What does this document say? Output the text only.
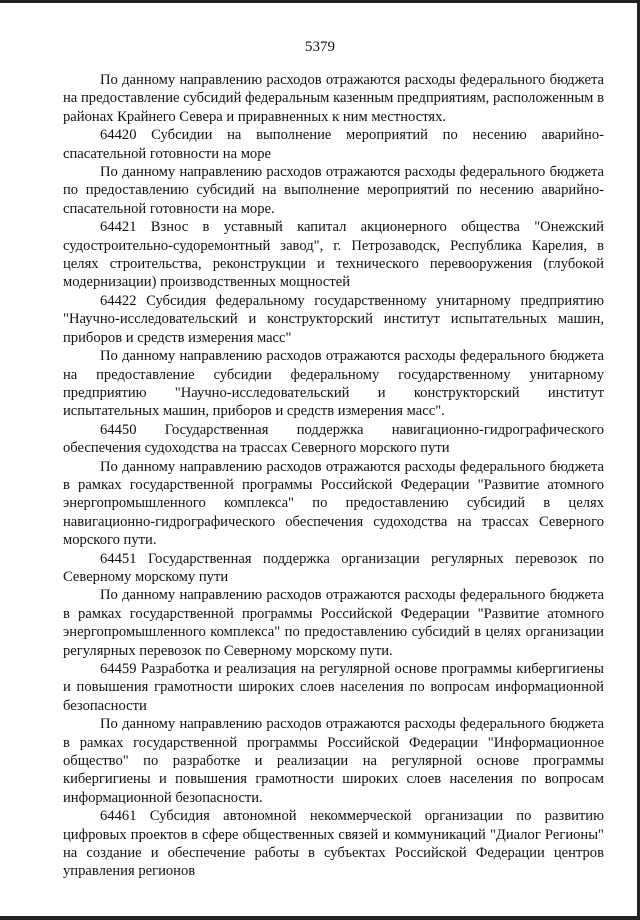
5379

По данному направлению расходов отражаются расходы федерального бюджета на предоставление субсидий федеральным казенным предприятиям, расположенным в районах Крайнего Севера и приравненных к ним местностях.

64420 Субсидии на выполнение мероприятий по несению аварийно-спасательной готовности на море

По данному направлению расходов отражаются расходы федерального бюджета по предоставлению субсидий на выполнение мероприятий по несению аварийно-спасательной готовности на море.

64421 Взнос в уставный капитал акционерного общества "Онежский судостроительно-судоремонтный завод", г. Петрозаводск, Республика Карелия, в целях строительства, реконструкции и технического перевооружения (глубокой модернизации) производственных мощностей

64422 Субсидия федеральному государственному унитарному предприятию "Научно-исследовательский и конструкторский институт испытательных машин, приборов и средств измерения масс"

По данному направлению расходов отражаются расходы федерального бюджета на предоставление субсидии федеральному государственному унитарному предприятию "Научно-исследовательский и конструкторский институт испытательных машин, приборов и средств измерения масс".

64450 Государственная поддержка навигационно-гидрографического обеспечения судоходства на трассах Северного морского пути

По данному направлению расходов отражаются расходы федерального бюджета в рамках государственной программы Российской Федерации "Развитие атомного энергопромышленного комплекса" по предоставлению субсидий в целях навигационно-гидрографического обеспечения судоходства на трассах Северного морского пути.

64451 Государственная поддержка организации регулярных перевозок по Северному морскому пути

По данному направлению расходов отражаются расходы федерального бюджета в рамках государственной программы Российской Федерации "Развитие атомного энергопромышленного комплекса" по предоставлению субсидий в целях организации регулярных перевозок по Северному морскому пути.

64459 Разработка и реализация на регулярной основе программы кибергигиены и повышения грамотности широких слоев населения по вопросам информационной безопасности

По данному направлению расходов отражаются расходы федерального бюджета в рамках государственной программы Российской Федерации "Информационное общество" по разработке и реализации на регулярной основе программы кибергигиены и повышения грамотности широких слоев населения по вопросам информационной безопасности.

64461 Субсидия автономной некоммерческой организации по развитию цифровых проектов в сфере общественных связей и коммуникаций "Диалог Регионы" на создание и обеспечение работы в субъектах Российской Федерации центров управления регионов
